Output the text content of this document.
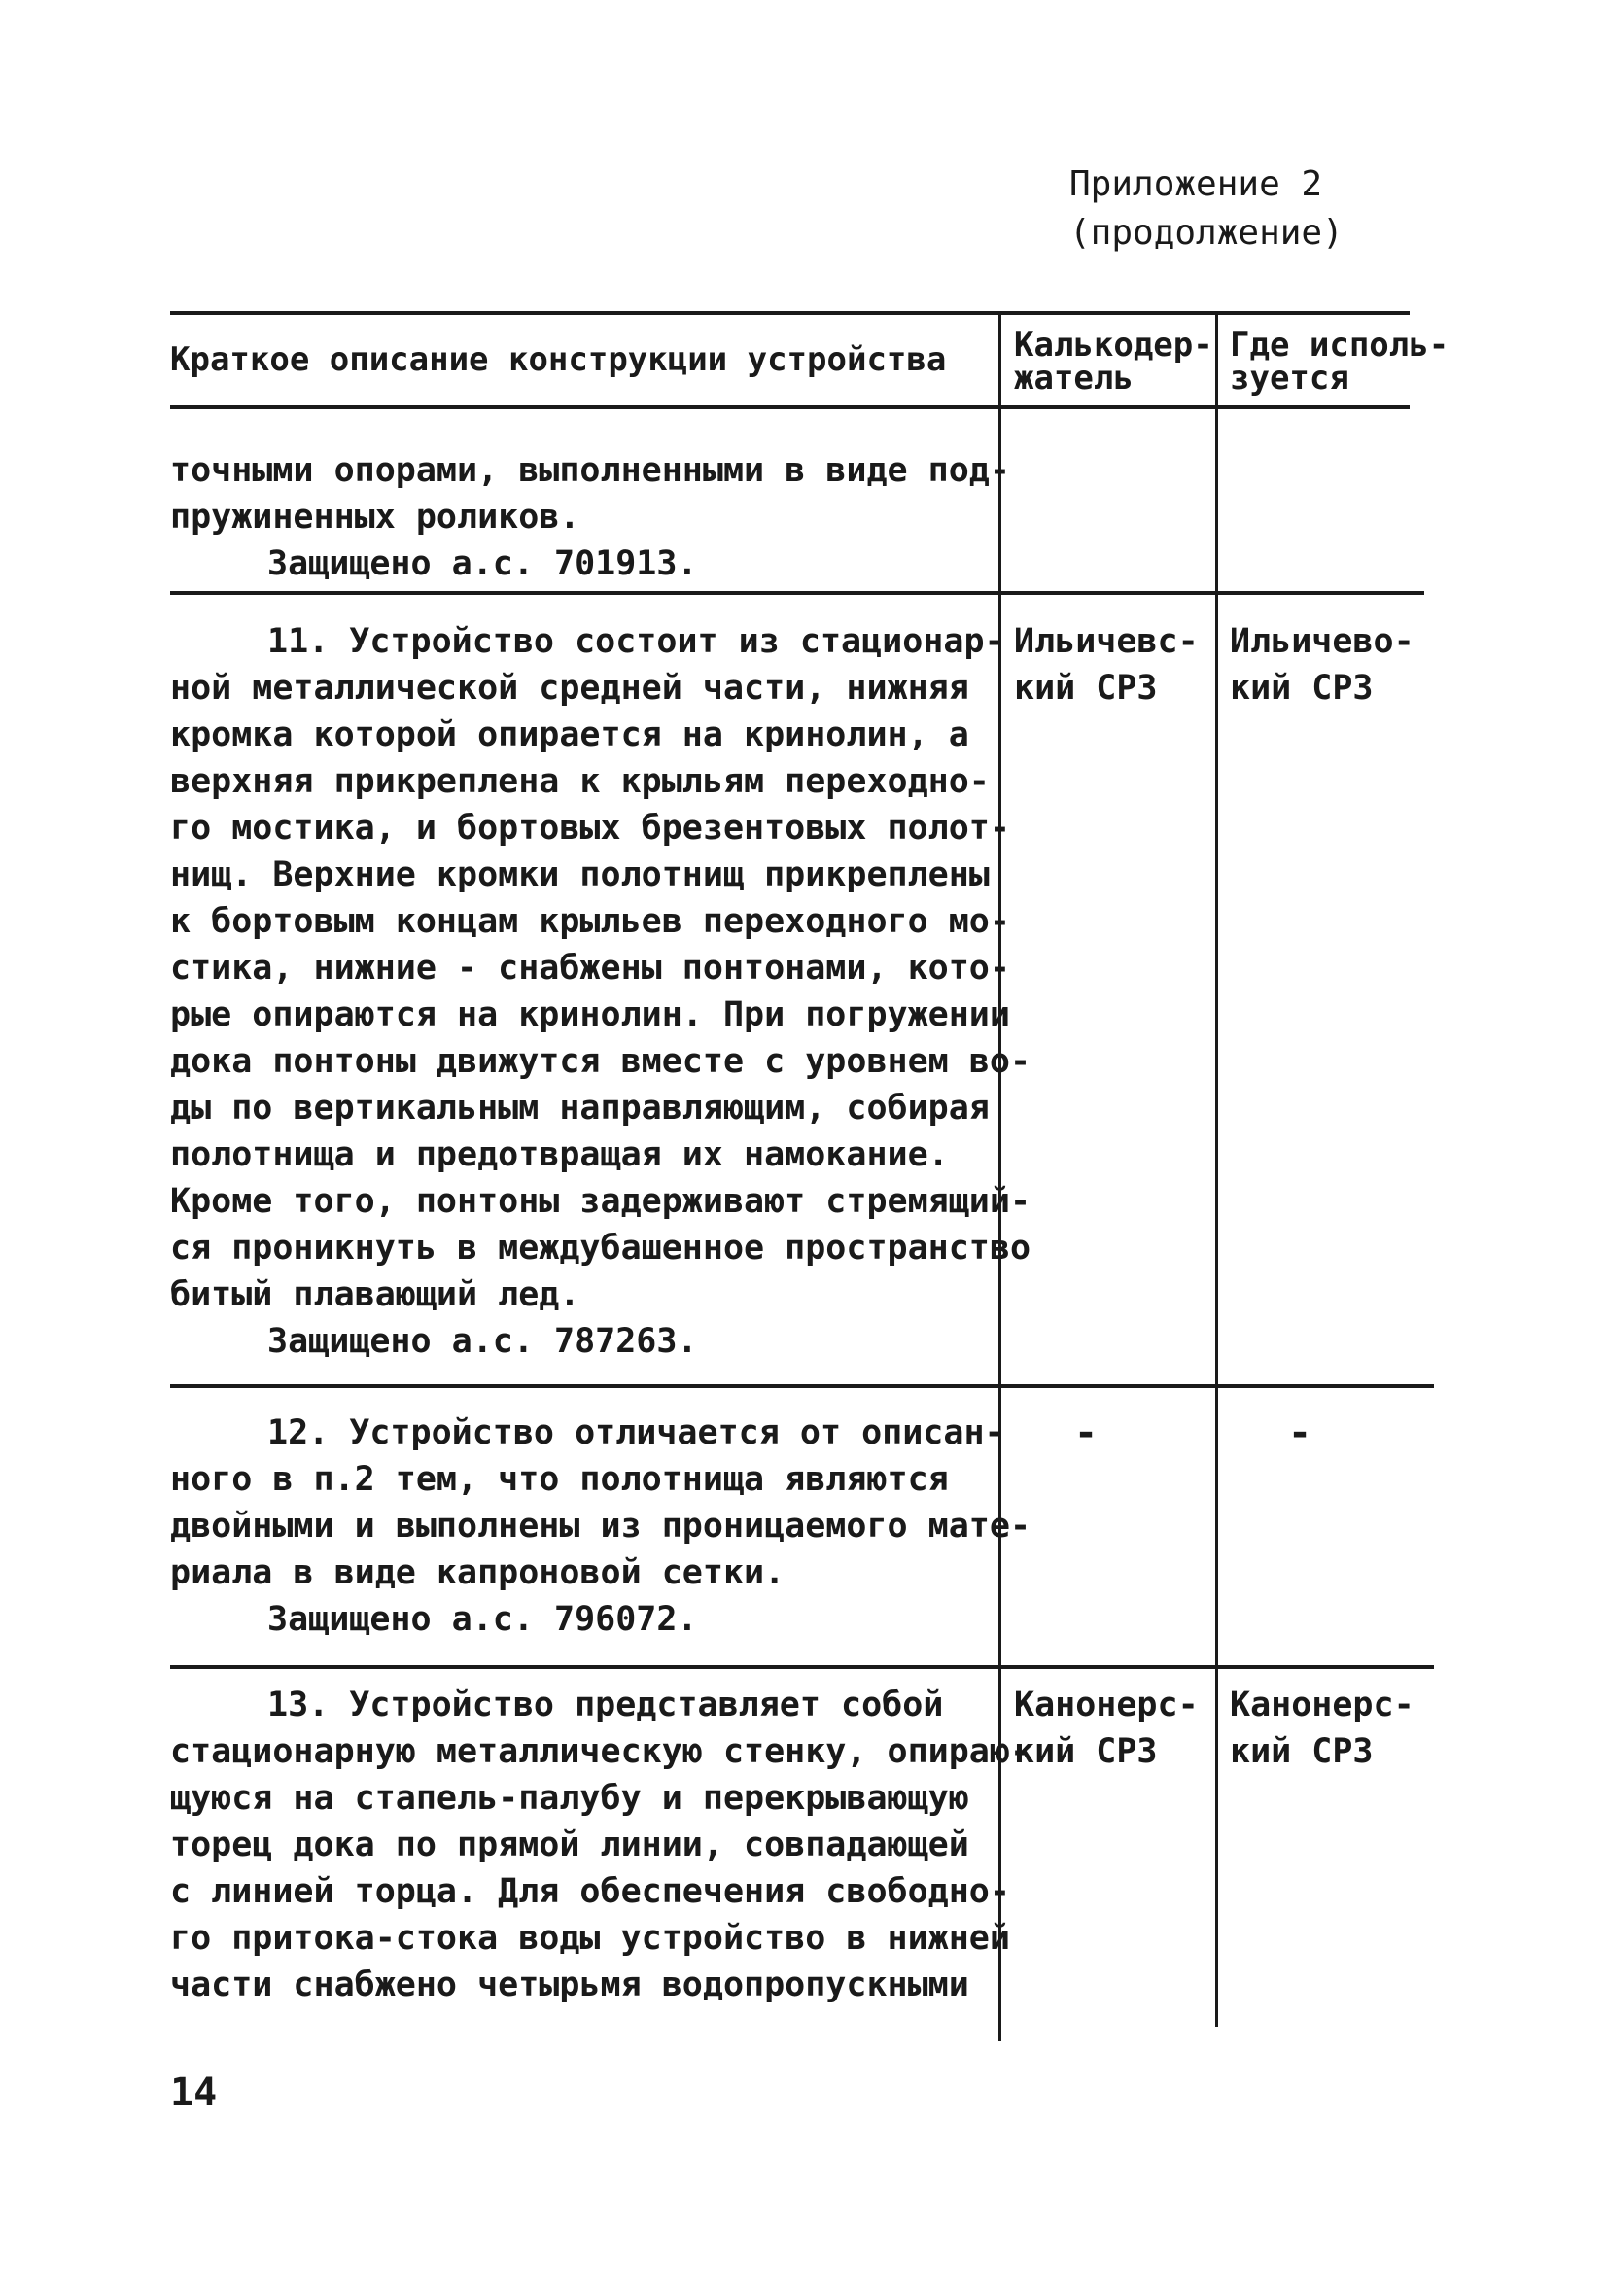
Приложение 2
(продолжение)
Краткое описание конструкции устройства Калькодер-
жатель
Где исполь-
зуется
точными опорами, выполненными в виде под-
пружиненных роликов.
Защищено а.с. 701913.
11. Устройство состоит из стационар-
ной металлической средней части, нижняя
кромка которой опирается на кринолин, а
верхняя прикреплена к крыльям переходно-
го мостика, и бортовых брезентовых полот-
нищ. Верхние кромки полотнищ прикреплены
к бортовым концам крыльев переходного мо-
стика, нижние - снабжены понтонами, кото-
рые опираются на кринолин. При погружении
дока понтоны движутся вместе с уровнем во-
ды по вертикальным направляющим, собирая
полотнища и предотвращая их намокание.
Кроме того, понтоны задерживают стремящий-
ся проникнуть в междубашенное пространство
битый плавающий лед.
Защищено а.с. 787263.
Ильичевс-
кий СРЗ
Ильичево-
кий СРЗ
12. Устройство отличается от описан-
ного в п.2 тем, что полотнища являются
двойными и выполнены из проницаемого мате-
риала в виде капроновой сетки.
Защищено а.с. 796072.
-	-
13. Устройство представляет собой
стационарную металлическую стенку, опираю-
щуюся на стапель-палубу и перекрывающую
торец дока по прямой линии, совпадающей
с линией торца. Для обеспечения свободно-
го притока-стока воды устройство в нижней
части снабжено четырьмя водопропускными
Канонерс-
кий СРЗ
Канонерс-
кий СРЗ
14
